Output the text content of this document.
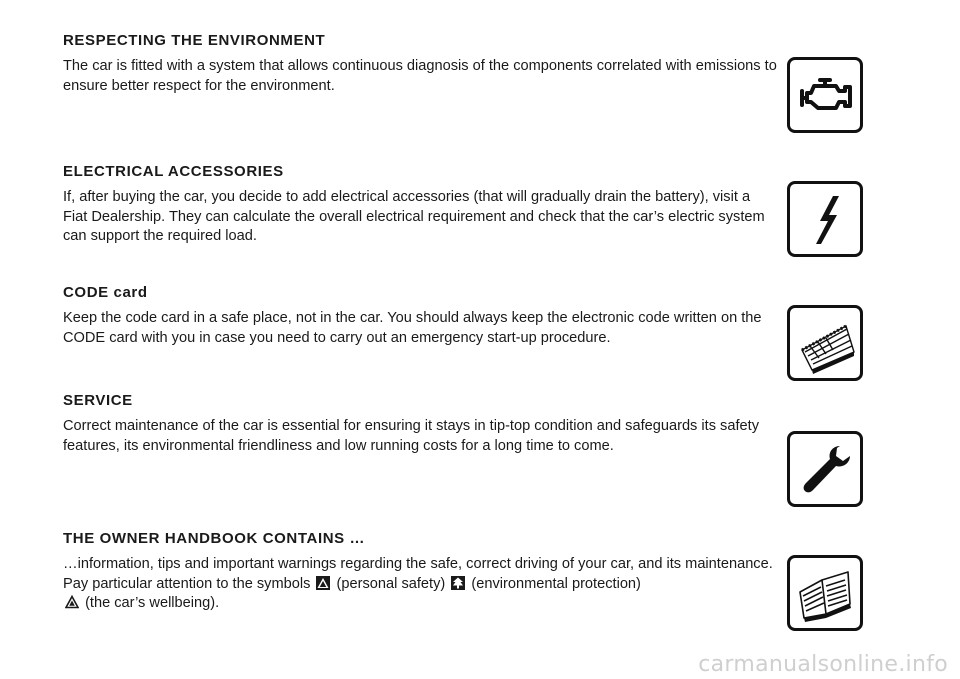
RESPECTING THE ENVIRONMENT

The car is fitted with a system that allows continuous diagnosis of the components correlated with emissions to ensure better respect for the environment.

ELECTRICAL ACCESSORIES

If, after buying the car, you decide to add electrical accessories (that will gradually drain the battery), visit a Fiat Dealership. They can calculate the overall electrical requirement and check that the car’s electric system can support the required load.

CODE card

Keep the code card in a safe place, not in the car. You should always keep the electronic code written on the CODE card with you in case you need to carry out an emergency start-up procedure.

SERVICE

Correct maintenance of the car is essential for ensuring it stays in tip-top condition and safeguards its safety features, its environmental friendliness and low running costs for a long time to come.

THE OWNER HANDBOOK CONTAINS …

…information, tips and important warnings regarding the safe, correct driving of your car, and its maintenance. Pay particular attention to the symbols (personal safety) (environmental protection)
(the car’s wellbeing).

carmanualsonline.info
